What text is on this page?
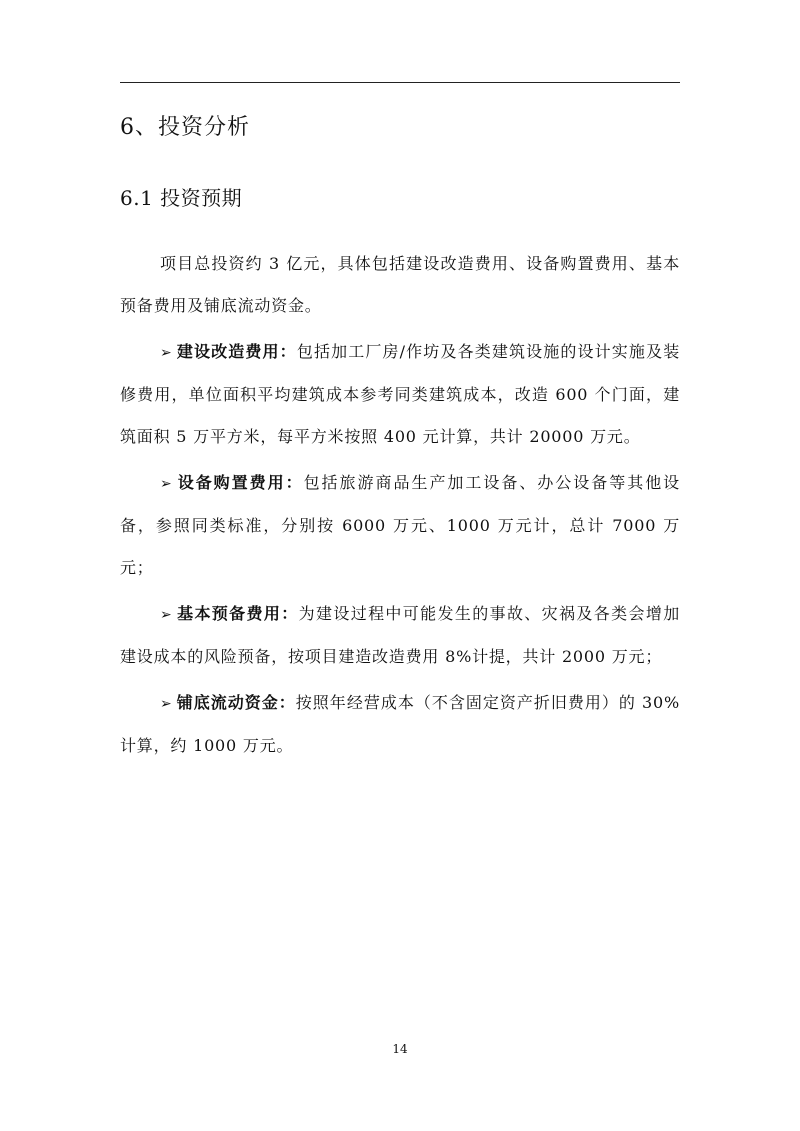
6、投资分析
6.1 投资预期

项目总投资约 3 亿元，具体包括建设改造费用、设备购置费用、基本预备费用及铺底流动资金。

➢ 建设改造费用：包括加工厂房/作坊及各类建筑设施的设计实施及装修费用，单位面积平均建筑成本参考同类建筑成本，改造 600 个门面，建筑面积 5 万平方米，每平方米按照 400 元计算，共计 20000 万元。

➢ 设备购置费用：包括旅游商品生产加工设备、办公设备等其他设备，参照同类标准，分别按 6000 万元、1000 万元计，总计 7000 万元；

➢ 基本预备费用：为建设过程中可能发生的事故、灾祸及各类会增加建设成本的风险预备，按项目建造改造费用 8%计提，共计 2000 万元；

➢ 铺底流动资金：按照年经营成本（不含固定资产折旧费用）的 30%计算，约 1000 万元。

14
